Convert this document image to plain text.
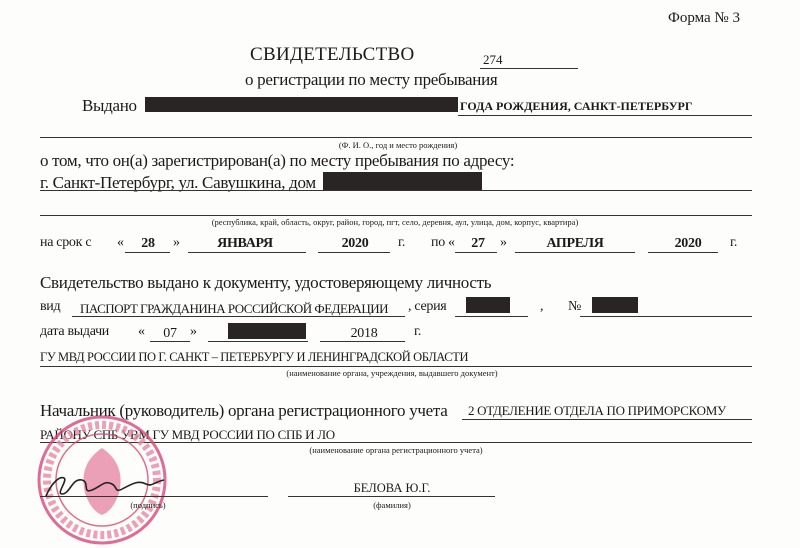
Форма № 3
СВИДЕТЕЛЬСТВО	274
о регистрации по месту пребывания
Выдано	ГОДА РОЖДЕНИЯ, САНКТ-ПЕТЕРБУРГ
(Ф. И. О., год и место рождения)
о том, что он(а) зарегистрирован(а) по месту пребывания по адресу:
г. Санкт-Петербург, ул. Савушкина, дом
(республика, край, область, округ, район, город, пгт, село, деревня, аул, улица, дом, корпус, квартира)
на срок с « 28 »	ЯНВАРЯ	2020 г. по « 27 »	АПРЕЛЯ	2020 г.
Свидетельство выдано к документу, удостоверяющему личность
вид ПАСПОРТ ГРАЖДАНИНА РОССИЙСКОЙ ФЕДЕРАЦИИ , серия	, №
дата выдачи « 07 »	2018	г.
ГУ МВД РОССИИ ПО Г. САНКТ – ПЕТЕРБУРГУ И ЛЕНИНГРАДСКОЙ ОБЛАСТИ
(наименование органа, учреждения, выдавшего документ)
Начальник (руководитель) органа регистрационного учета 2 ОТДЕЛЕНИЕ ОТДЕЛА ПО ПРИМОРСКОМУ
РАЙОНУ СПБ УВМ ГУ МВД РОССИИ ПО СПБ И ЛО
(наименование органа регистрационного учета)
(подпись)
БЕЛОВА Ю.Г.
(фамилия)
